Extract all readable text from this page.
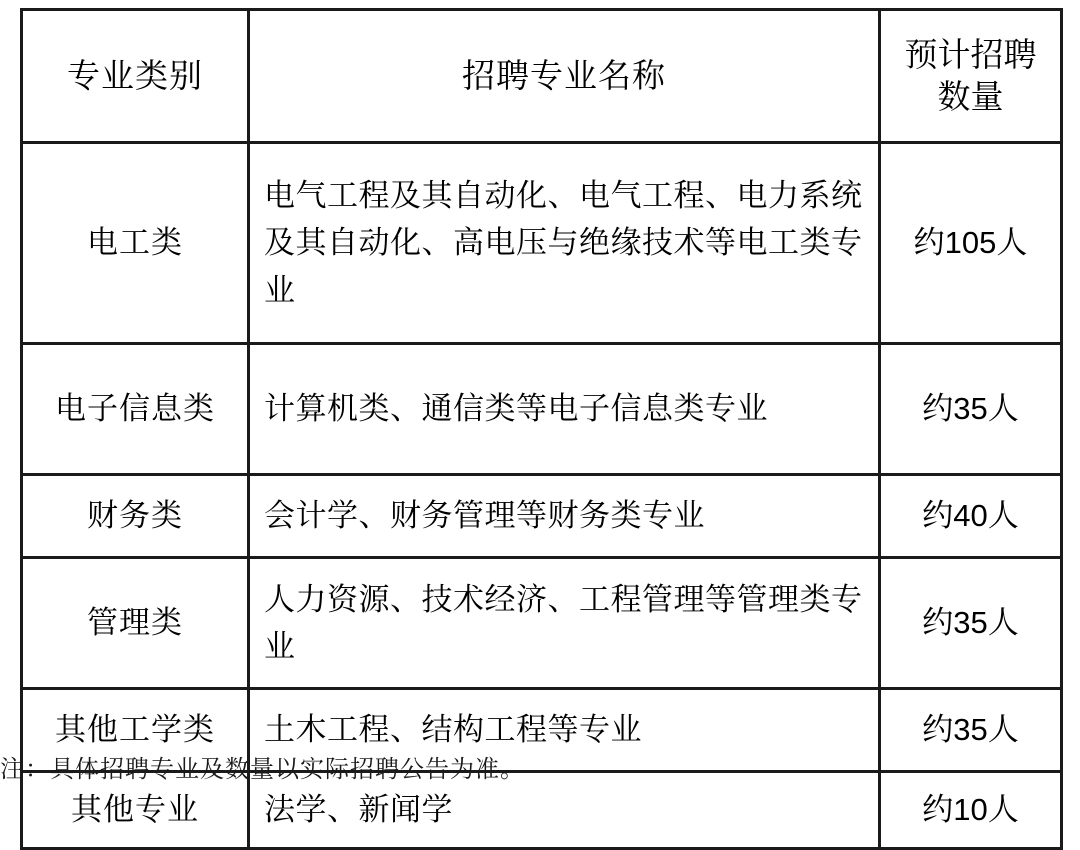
专业类别	招聘专业名称	预计招聘数量
电工类	电气工程及其自动化、电气工程、电力系统及其自动化、高电压与绝缘技术等电工类专业	约105人
电子信息类	计算机类、通信类等电子信息类专业	约35人
财务类	会计学、财务管理等财务类专业	约40人
管理类	人力资源、技术经济、工程管理等管理类专业	约35人
其他工学类	土木工程、结构工程等专业	约35人
其他专业	法学、新闻学	约10人
注：具体招聘专业及数量以实际招聘公告为准。
